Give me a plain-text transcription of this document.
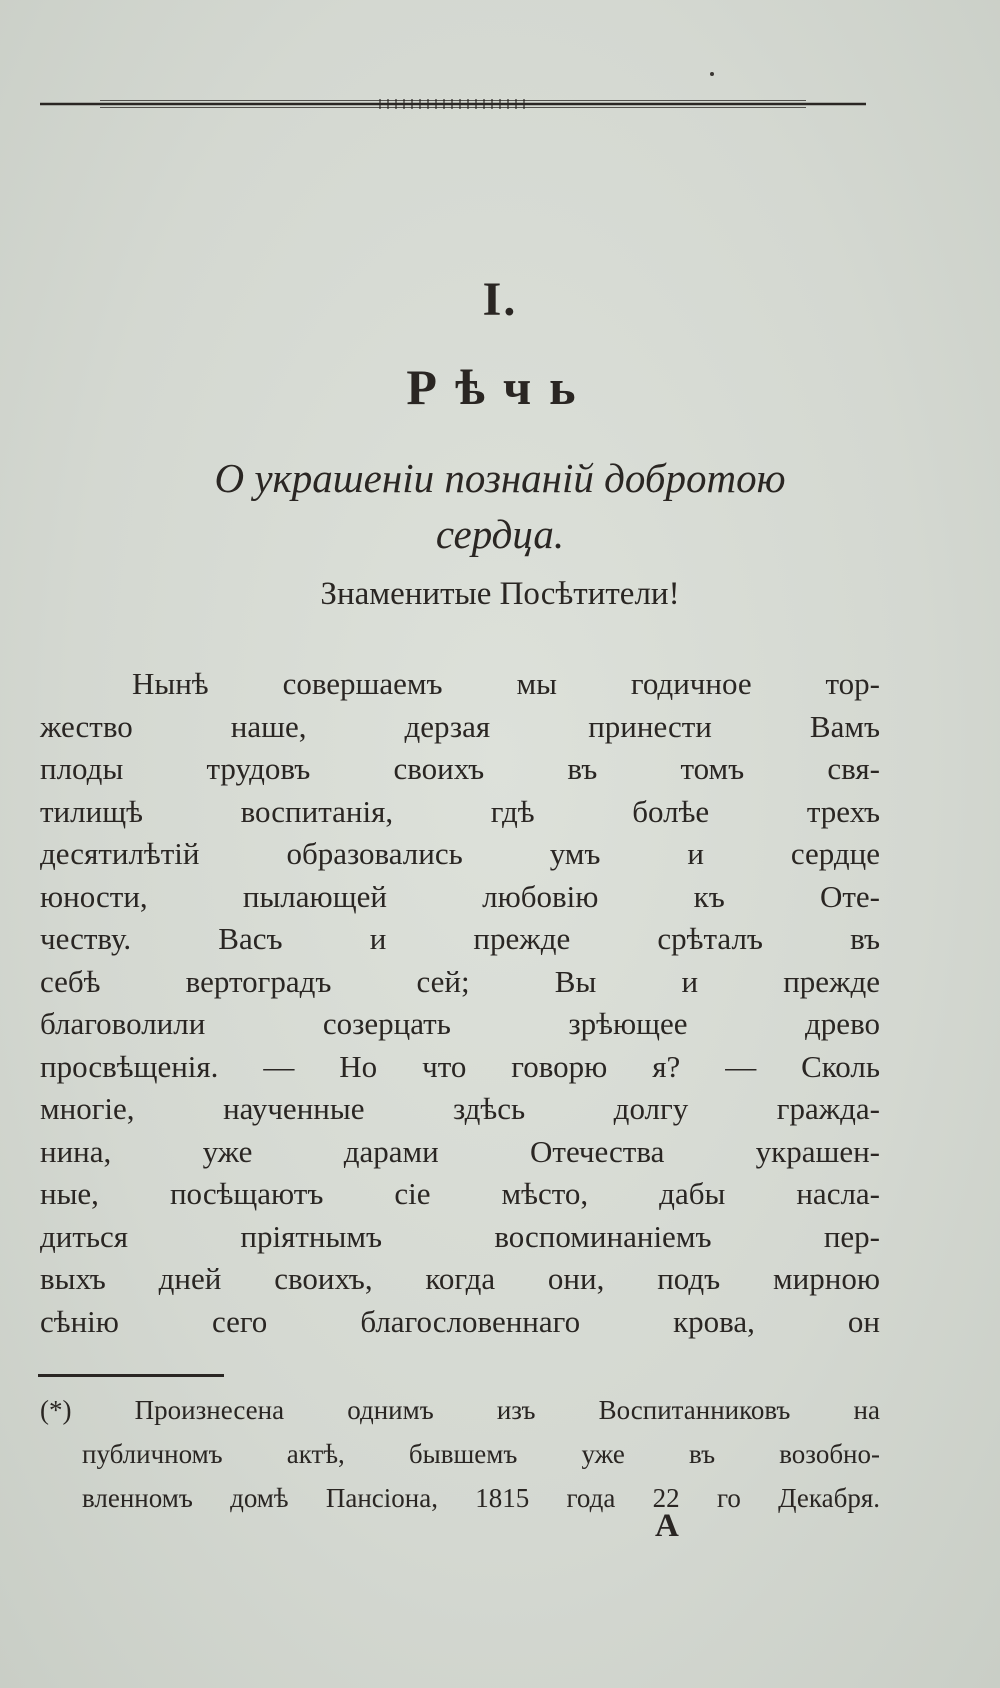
I.
Рѣчь
О украшеніи познаній добротою
сердца.
Знаменитые Посѣтители!
Нынѣ совершаемъ мы годичное тор-
жество наше, дерзая принести Вамъ
плоды трудовъ своихъ въ томъ свя-
тилищѣ воспитанія, гдѣ болѣе трехъ
десятилѣтій образовались умъ и сердце
юности, пылающей любовію къ Оте-
честву. Васъ и прежде срѣталъ въ
себѣ вертоградъ сей; Вы и прежде
благоволили созерцать зрѣющее древо
просвѣщенія. — Но что говорю я? — Сколь
многіе, наученные здѣсь долгу гражда-
нина, уже дарами Отечества украшен-
ные, посѣщаютъ сіе мѣсто, дабы насла-
диться пріятнымъ воспоминаніемъ пер-
выхъ дней своихъ, когда они, подъ мирною
сѣнію сего благословеннаго крова, он
(*) Произнесена однимъ изъ Воспитанниковъ на
публичномъ актѣ, бывшемъ уже въ возобно-
вленномъ домѣ Пансіона, 1815 года 22 го Декабря.
А
